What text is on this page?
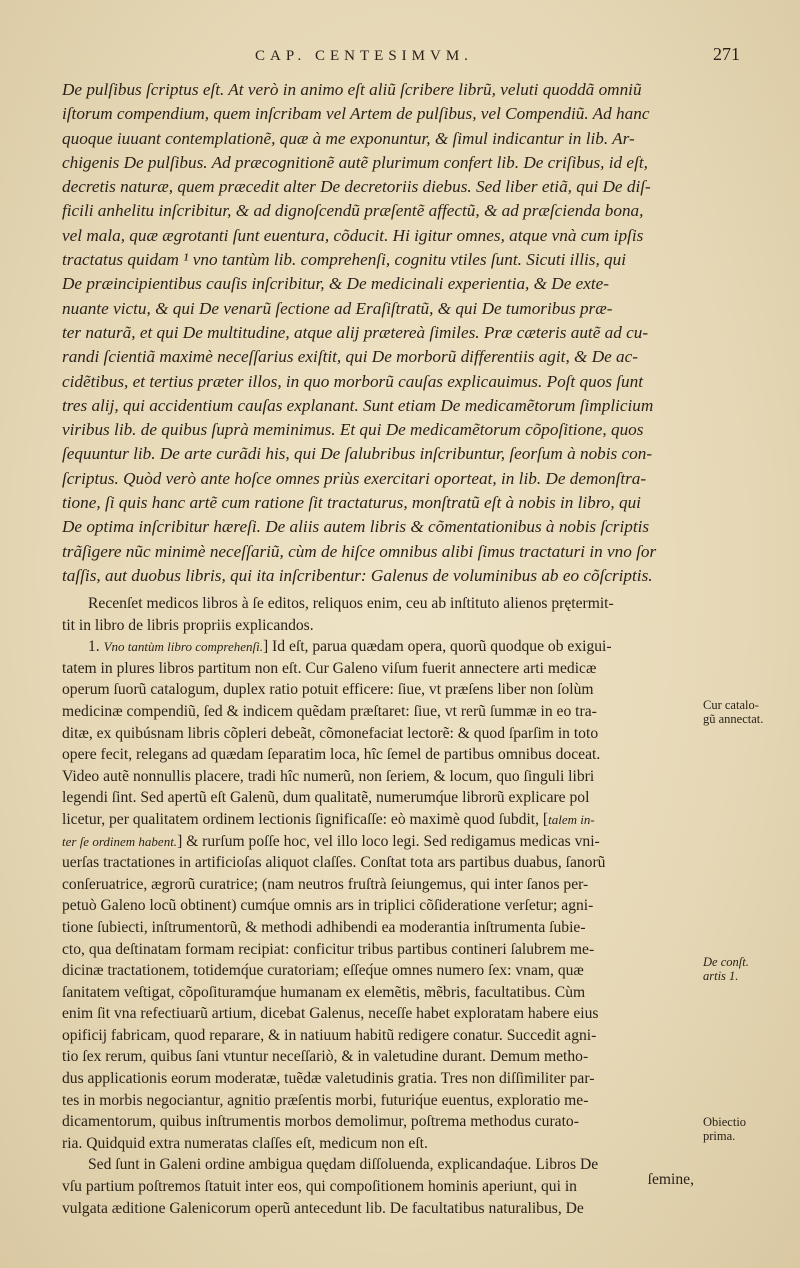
CAP. CENTESIMVM.	271
De pulſibus ſcriptus eſt. At verò in animo eſt aliũ ſcribere librũ, veluti quoddã omniũ
iſtorum compendium, quem inſcribam vel Artem de pulſibus, vel Compendiũ. Ad hanc
quoque iuuant contemplationẽ, quæ à me exponuntur, & ſimul indicantur in lib. Ar-
chigenis De pulſibus. Ad præcognitionẽ autẽ plurimum confert lib. De criſibus, id eſt,
decretis naturæ, quem præcedit alter De decretoriis diebus. Sed liber etiã, qui De diſ-
ficili anhelitu inſcribitur, & ad dignoſcendũ præſentẽ affectũ, & ad præſcienda bona,
vel mala, quæ ægrotanti ſunt euentura, cõducit. Hi igitur omnes, atque vnà cum ipſis
tractatus quidam ¹ vno tantùm lib. comprehenſi, cognitu vtiles ſunt. Sicuti illis, qui
De præincipientibus cauſis inſcribitur, & De medicinali experientia, & De exte-
nuante victu, & qui De venarũ ſectione ad Eraſiſtratũ, & qui De tumoribus præ-
ter naturã, et qui De multitudine, atque alij prætereà ſimiles. Præ cæteris autẽ ad cu-
randi ſcientiã maximè neceſſarius exiſtit, qui De morborũ differentiis agit, & De ac-
cidẽtibus, et tertius præter illos, in quo morborũ cauſas explicauimus. Poſt quos ſunt
tres alij, qui accidentium cauſas explanant. Sunt etiam De medicamẽtorum ſimplicium
viribus lib. de quibus ſuprà meminimus. Et qui De medicamẽtorum cõpoſitione, quos
ſequuntur lib. De arte curãdi his, qui De ſalubribus inſcribuntur, ſeorſum à nobis con-
ſcriptus. Quòd verò ante hoſce omnes priùs exercitari oporteat, in lib. De demonſtra-
tione, ſi quis hanc artẽ cum ratione ſit tractaturus, monſtratũ eſt à nobis in libro, qui
De optima inſcribitur hæreſi. De aliis autem libris & cõmentationibus à nobis ſcriptis
trãſigere nũc minimè neceſſariũ, cùm de hiſce omnibus alibi ſimus tractaturi in vno ſor
taſſis, aut duobus libris, qui ita inſcribentur: Galenus de voluminibus ab eo cõſcriptis.
Recenſet medicos libros à ſe editos, reliquos enim, ceu ab inſtituto alienos prętermit-
tit in libro de libris propriis explicandos.
1. Vno tantùm libro comprehenſi.] Id eſt, parua quædam opera, quorũ quodque ob exigui-
tatem in plures libros partitum non eſt. Cur Galeno viſum fuerit annectere arti medicæ
operum ſuorũ catalogum, duplex ratio potuit efficere: ſiue, vt præſens liber non ſolùm
medicinæ compendiũ, ſed & indicem quẽdam præſtaret: ſiue, vt rerũ ſummæ in eo tra-
ditæ, ex quibúsnam libris cõpleri debeãt, cõmonefaciat lectorẽ: & quod ſparſim in toto
opere fecit, relegans ad quædam ſeparatim loca, hîc ſemel de partibus omnibus doceat.
Video autẽ nonnullis placere, tradi hîc numerũ, non ſeriem, & locum, quo ſinguli libri
legendi ſint. Sed apertũ eſt Galenũ, dum qualitatẽ, numerumq́ue librorũ explicare pol
licetur, per qualitatem ordinem lectionis ſignificaſſe: eò maximè quod ſubdit, [talem in-
ter ſe ordinem habent.] & rurſum poſſe hoc, vel illo loco legi. Sed redigamus medicas vni-
uerſas tractationes in artificioſas aliquot claſſes. Conſtat tota ars partibus duabus, ſanorũ
conſeruatrice, ægrorũ curatrice; (nam neutros fruſtrà ſeiungemus, qui inter ſanos per-
petuò Galeno locũ obtinent) cumq́ue omnis ars in triplici cõſideratione verſetur; agni-
tione ſubiecti, inſtrumentorũ, & methodi adhibendi ea moderantia inſtrumenta ſubie-
cto, qua deſtinatam formam recipiat: conficitur tribus partibus contineri ſalubrem me-
dicinæ tractationem, totidemq́ue curatoriam; eſſeq́ue omnes numero ſex: vnam, quæ
ſanitatem veſtigat, cõpoſituramq́ue humanam ex elemẽtis, mẽbris, facultatibus. Cùm
enim ſit vna refectiuarũ artium, dicebat Galenus, neceſſe habet exploratam habere eius
opificij fabricam, quod reparare, & in natiuum habitũ redigere conatur. Succedit agni-
tio ſex rerum, quibus ſani vtuntur neceſſariò, & in valetudine durant. Demum metho-
dus applicationis eorum moderatæ, tuẽdæ valetudinis gratia. Tres non diſſimiliter par-
tes in morbis negociantur, agnitio præſentis morbi, futuriq́ue euentus, exploratio me-
dicamentorum, quibus inſtrumentis morbos demolimur, poſtrema methodus curato-
ria. Quidquid extra numeratas claſſes eſt, medicum non eſt.
Sed ſunt in Galeni ordine ambigua quędam diſſoluenda, explicandaq́ue. Libros De
vſu partium poſtremos ſtatuit inter eos, qui compoſitionem hominis aperiunt, qui in
vulgata æditione Galenicorum operũ antecedunt lib. De facultatibus naturalibus, De
ſemine,
Cur catalo-
gũ annectat.
De conſt.
artis 1.
Obiectio
prima.
